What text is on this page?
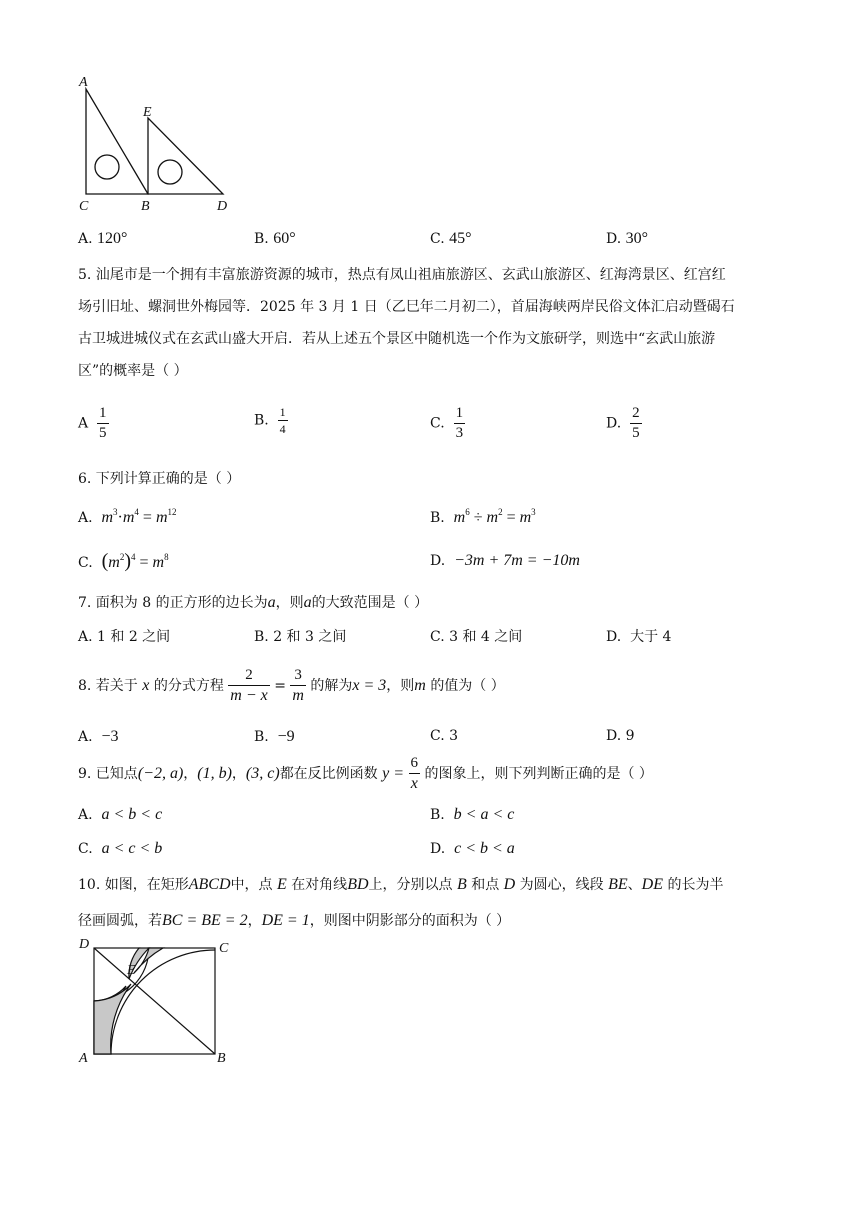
A
E
C	B	D
A. 120°	B. 60°	C. 45°	D. 30°
5. 汕尾市是一个拥有丰富旅游资源的城市，热点有凤山祖庙旅游区、玄武山旅游区、红海湾景区、红宫红
场引旧址、螺洞世外梅园等．2025 年 3 月 1 日（乙巳年二月初二），首届海峡两岸民俗文体汇启动暨碣石
古卫城进城仪式在玄武山盛大开启．若从上述五个景区中随机选一个作为文旅研学，则选中“玄武山旅游
区”的概率是（ ）
A $\frac{1}{5}$	B. $\frac{1}{4}$	C. $\frac{1}{3}$	D. $\frac{2}{5}$
6. 下列计算正确的是（ ）
A. $m^3\cdot m^4 = m^{12}$	B. $m^6 \div m^2 = m^3$
C. $(m^2)^4 = m^8$	D. −3m + 7m = −10m
7. 面积为 8 的正方形的边长为a，则a的大致范围是（ ）
A. 1 和 2 之间	B. 2 和 3 之间	C. 3 和 4 之间	D. 大于 4
8. 若关于 x 的分式方程 $\frac{2}{m - x} = \frac{3}{m}$ 的解为x = 3，则m 的值为（ ）
A. −3	B. −9	C. 3	D. 9
9. 已知点(−2, a)，(1, b)，(3, c)都在反比例函数 $y = \frac{6}{x}$ 的图象上，则下列判断正确的是（ ）
A. a < b < c	B. b < a < c
C. a < c < b	D. c < b < a
10. 如图，在矩形ABCD中，点 E 在对角线BD上，分别以点 B 和点 D 为圆心，线段 BE、DE 的长为半
径画圆弧，若BC = BE = 2，DE = 1，则图中阴影部分的面积为（ ）
D	C
E
A	B
